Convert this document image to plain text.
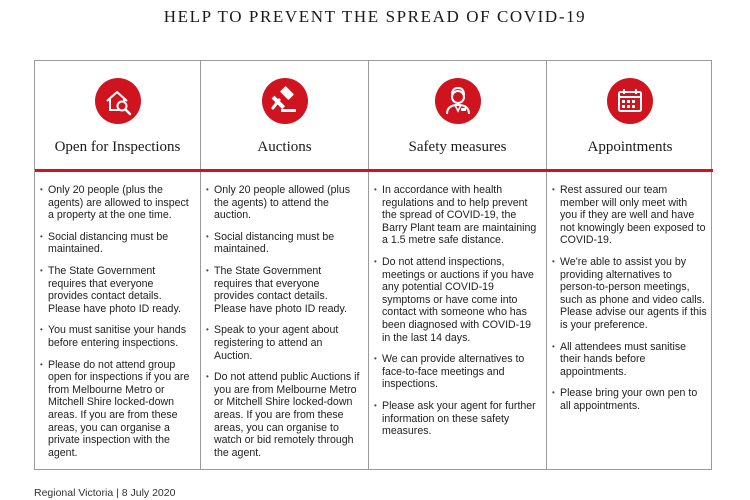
HELP TO PREVENT THE SPREAD OF COVID-19
Open for Inspections
• Only 20 people (plus the agents) are allowed to inspect a property at the one time.
• Social distancing must be maintained.
• The State Government requires that everyone provides contact details. Please have photo ID ready.
• You must sanitise your hands before entering inspections.
• Please do not attend group open for inspections if you are from Melbourne Metro or Mitchell Shire locked-down areas. If you are from these areas, you can organise a private inspection with the agent.
Auctions
• Only 20 people allowed (plus the agents) to attend the auction.
• Social distancing must be maintained.
• The State Government requires that everyone provides contact details. Please have photo ID ready.
• Speak to your agent about registering to attend an Auction.
• Do not attend public Auctions if you are from Melbourne Metro or Mitchell Shire locked-down areas. If you are from these areas, you can organise to watch or bid remotely through the agent.
Safety measures
• In accordance with health regulations and to help prevent the spread of COVID-19, the Barry Plant team are maintaining a 1.5 metre safe distance.
• Do not attend inspections, meetings or auctions if you have any potential COVID-19 symptoms or have come into contact with someone who has been diagnosed with COVID-19 in the last 14 days.
• We can provide alternatives to face-to-face meetings and inspections.
• Please ask your agent for further information on these safety measures.
Appointments
• Rest assured our team member will only meet with you if they are well and have not knowingly been exposed to COVID-19.
• We're able to assist you by providing alternatives to person-to-person meetings, such as phone and video calls. Please advise our agents if this is your preference.
• All attendees must sanitise their hands before appointments.
• Please bring your own pen to all appointments.
Regional Victoria | 8 July 2020
